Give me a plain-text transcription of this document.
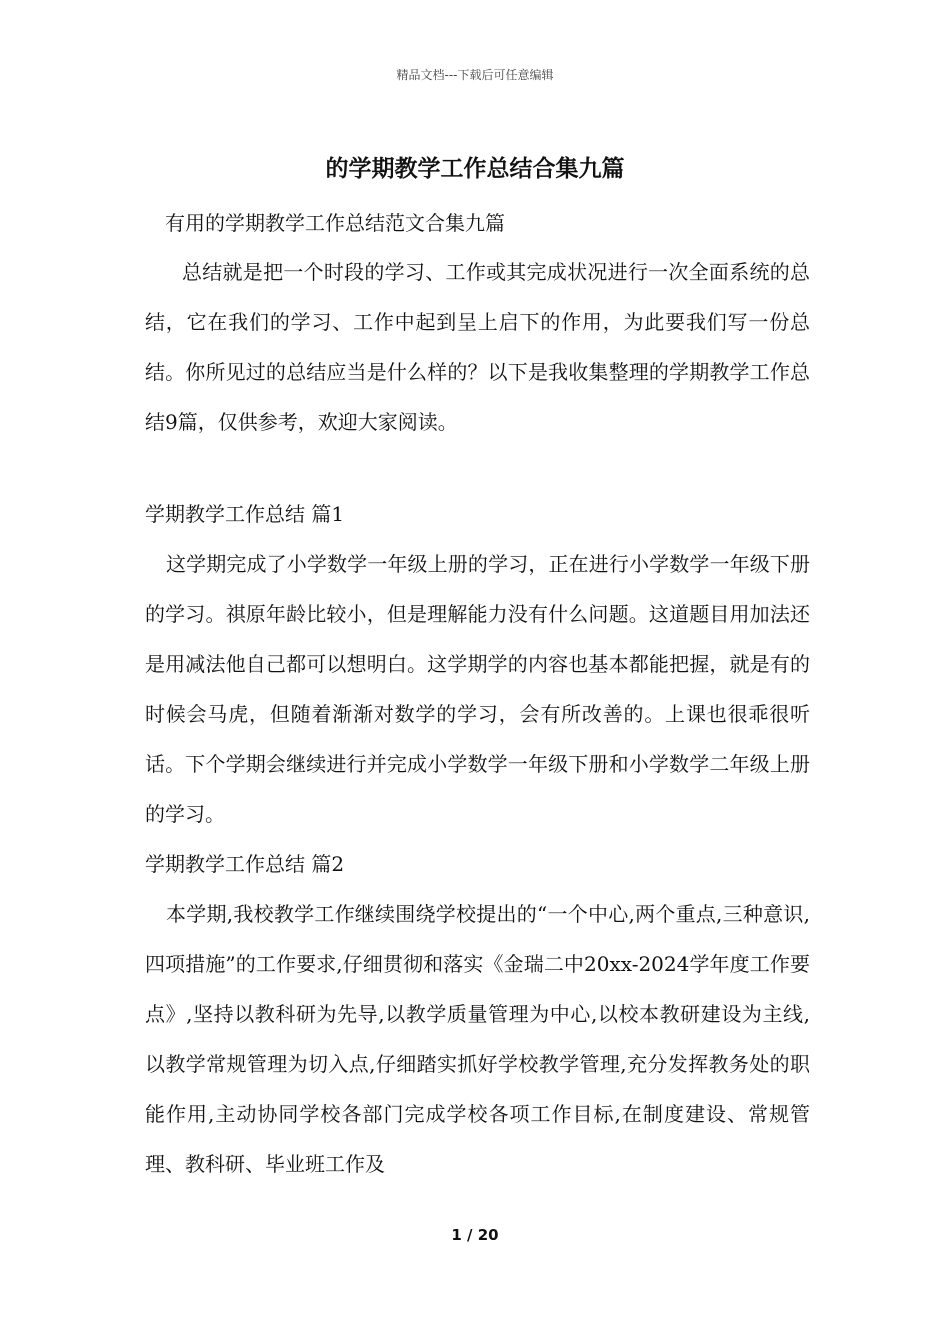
精品文档---下载后可任意编辑
的学期教学工作总结合集九篇

有用的学期教学工作总结范文合集九篇

总结就是把一个时段的学习、工作或其完成状况进行一次全面系统的总结，它在我们的学习、工作中起到呈上启下的作用，为此要我们写一份总结。你所见过的总结应当是什么样的？以下是我收集整理的学期教学工作总结9篇，仅供参考，欢迎大家阅读。

学期教学工作总结 篇1

这学期完成了小学数学一年级上册的学习，正在进行小学数学一年级下册的学习。祺原年龄比较小，但是理解能力没有什么问题。这道题目用加法还是用减法他自己都可以想明白。这学期学的内容也基本都能把握，就是有的时候会马虎，但随着渐渐对数学的学习，会有所改善的。上课也很乖很听话。下个学期会继续进行并完成小学数学一年级下册和小学数学二年级上册的学习。

学期教学工作总结 篇2

本学期,我校教学工作继续围绕学校提出的“一个中心,两个重点,三种意识,四项措施”的工作要求,仔细贯彻和落实《金瑞二中20xx-2024学年度工作要点》,坚持以教科研为先导,以教学质量管理为中心,以校本教研建设为主线,以教学常规管理为切入点,仔细踏实抓好学校教学管理,充分发挥教务处的职能作用,主动协同学校各部门完成学校各项工作目标,在制度建设、常规管理、教科研、毕业班工作及

1 / 20
